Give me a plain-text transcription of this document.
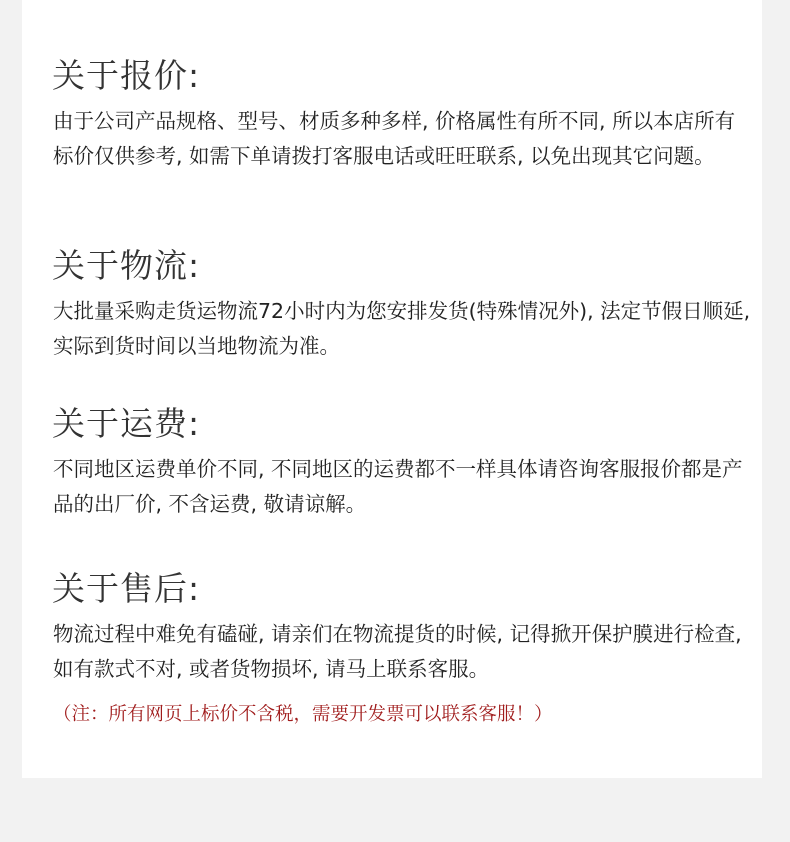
关于报价:

由于公司产品规格、型号、材质多种多样, 价格属性有所不同, 所以本店所有标价仅供参考, 如需下单请拨打客服电话或旺旺联系, 以免出现其它问题。

关于物流:

大批量采购走货运物流72小时内为您安排发货(特殊情况外), 法定节假日顺延, 实际到货时间以当地物流为准。

关于运费:

不同地区运费单价不同, 不同地区的运费都不一样具体请咨询客服报价都是产品的出厂价, 不含运费, 敬请谅解。

关于售后:

物流过程中难免有磕碰, 请亲们在物流提货的时候, 记得掀开保护膜进行检查, 如有款式不对, 或者货物损坏, 请马上联系客服。

（注：所有网页上标价不含税，需要开发票可以联系客服！）
